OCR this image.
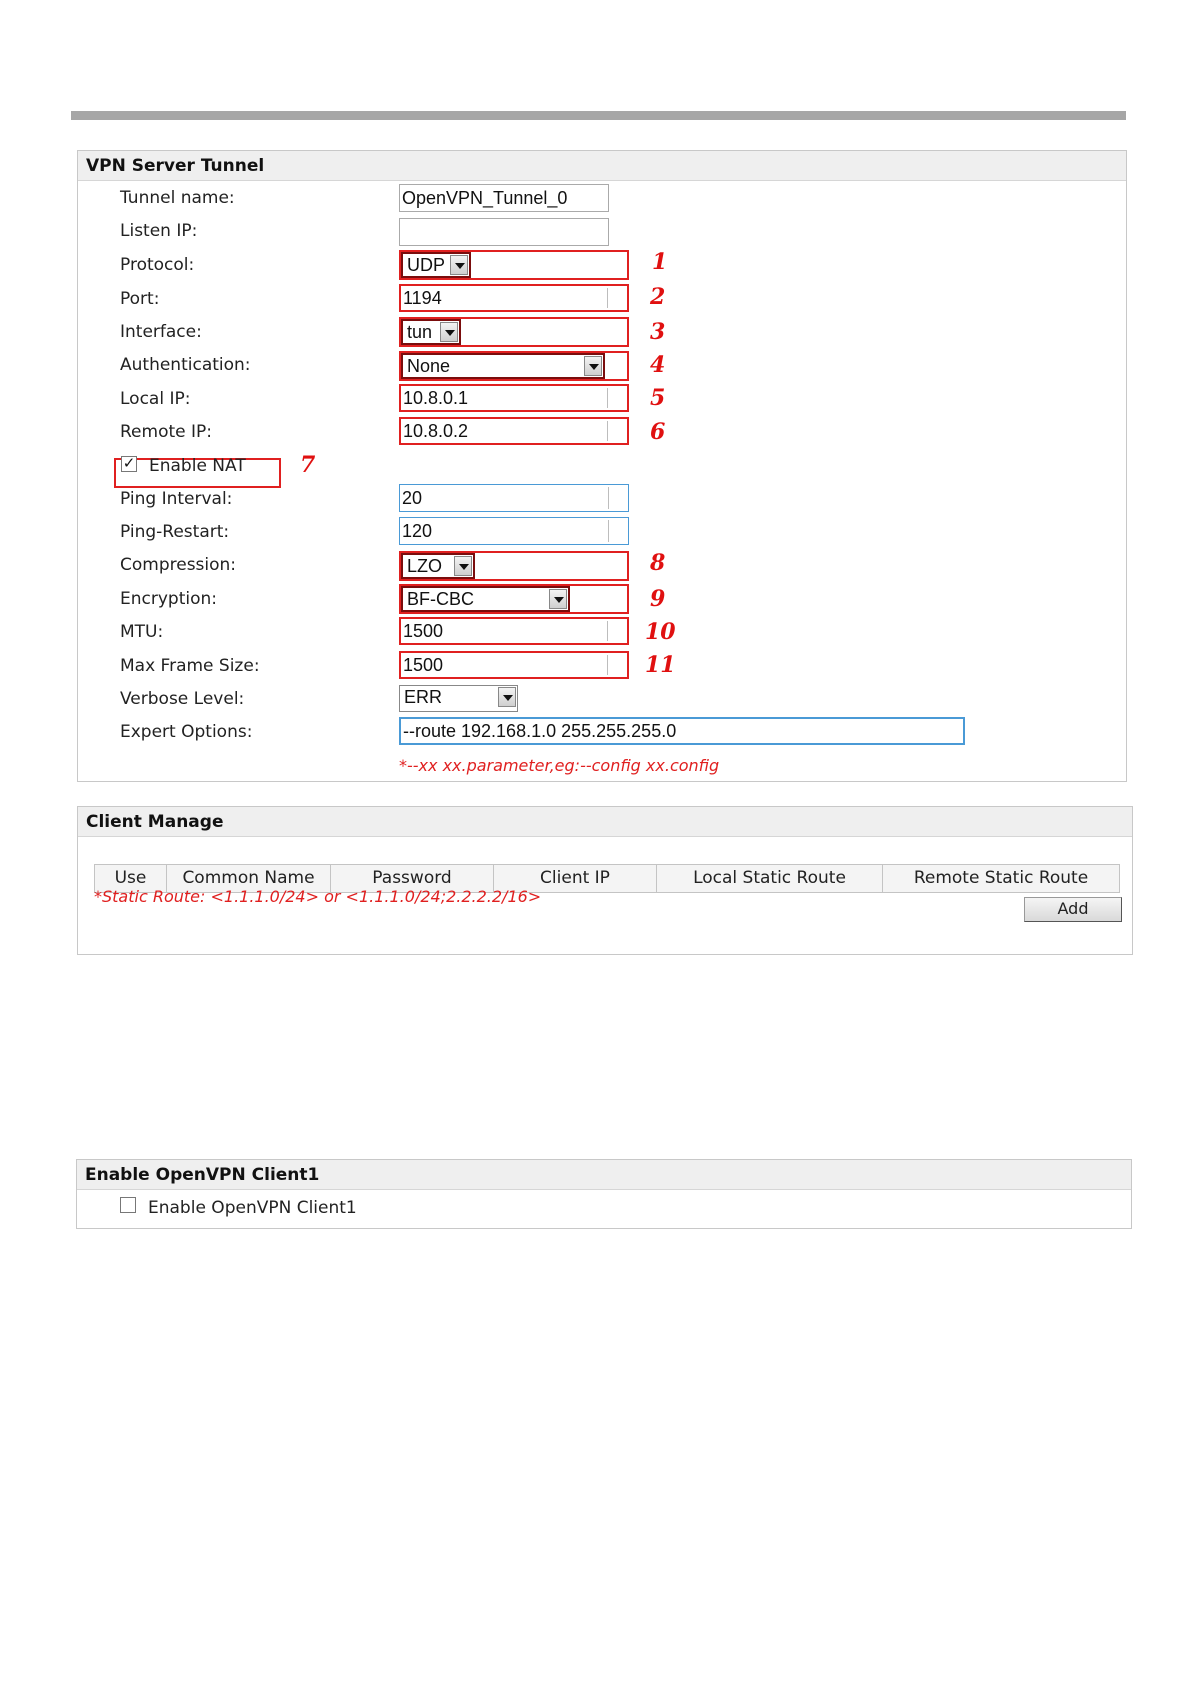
VPN Server Tunnel
Tunnel name:	OpenVPN_Tunnel_0
Listen IP:
Protocol:	UDP	1
Port:	1194	2
Interface:	tun	3
Authentication:	None	4
Local IP:	10.8.0.1	5
Remote IP:	10.8.0.2	6
✓ Enable NAT 7
Ping Interval:	20
Ping-Restart:	120
Compression:	LZO	8
Encryption:	BF-CBC	9
MTU:	1500	10
Max Frame Size:	1500	11
Verbose Level:	ERR
Expert Options:	--route 192.168.1.0 255.255.255.0
*--xx xx.parameter,eg:--config xx.config
Client Manage
Use	Common Name	Password	Client IP	Local Static Route	Remote Static Route
*Static Route: <1.1.1.0/24> or <1.1.1.0/24;2.2.2.2/16>
Add
Enable OpenVPN Client1
Enable OpenVPN Client1
